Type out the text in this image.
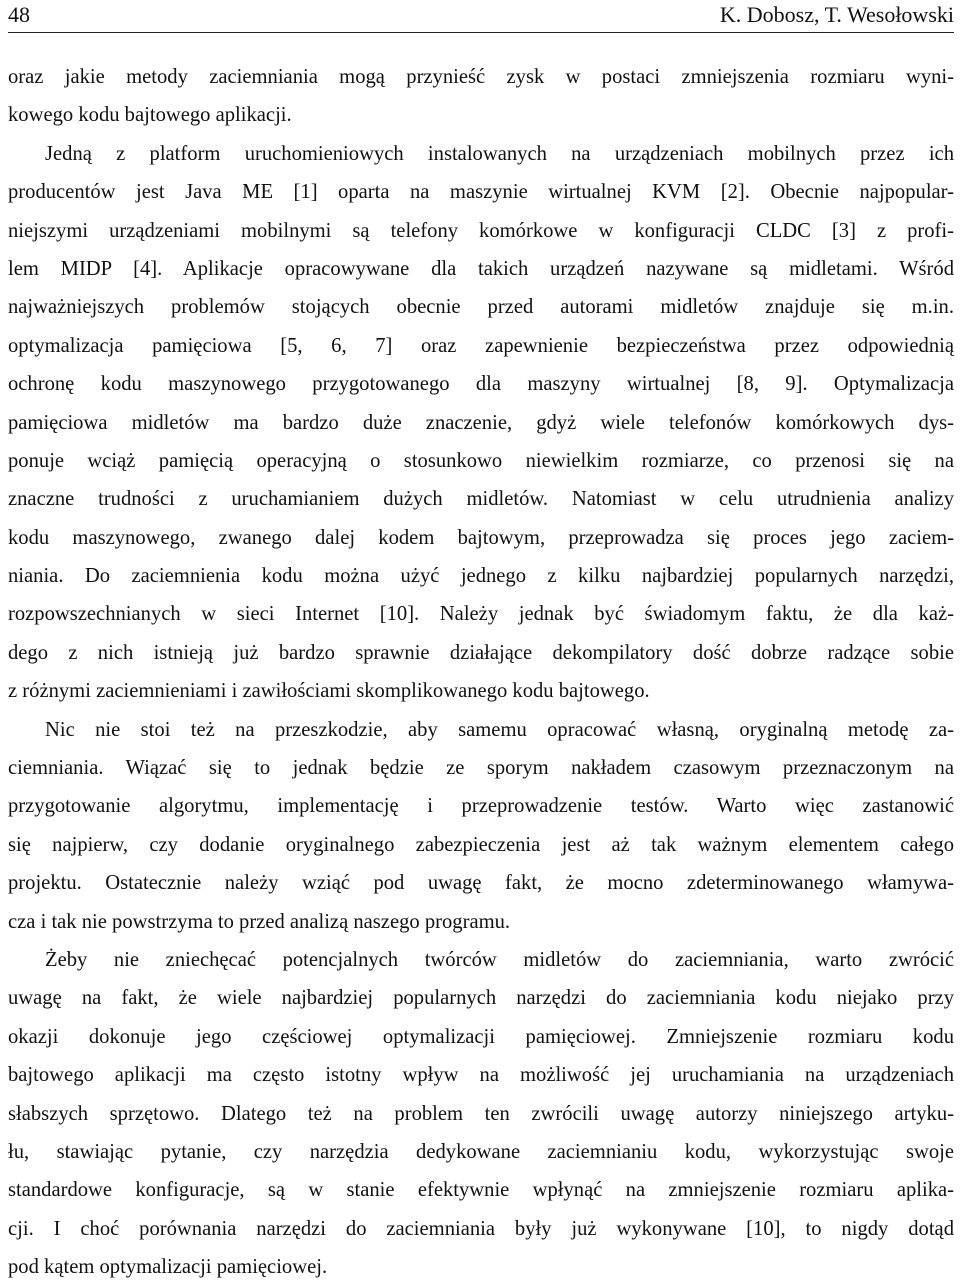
48	K. Dobosz, T. Wesołowski
oraz jakie metody zaciemniania mogą przynieść zysk w postaci zmniejszenia rozmiaru wyni-
kowego kodu bajtowego aplikacji.
Jedną z platform uruchomieniowych instalowanych na urządzeniach mobilnych przez ich
producentów jest Java ME [1] oparta na maszynie wirtualnej KVM [2]. Obecnie najpopular-
niejszymi urządzeniami mobilnymi są telefony komórkowe w konfiguracji CLDC [3] z profi-
lem MIDP [4]. Aplikacje opracowywane dla takich urządzeń nazywane są midletami. Wśród
najważniejszych problemów stojących obecnie przed autorami midletów znajduje się m.in.
optymalizacja pamięciowa [5, 6, 7] oraz zapewnienie bezpieczeństwa przez odpowiednią
ochronę kodu maszynowego przygotowanego dla maszyny wirtualnej [8, 9]. Optymalizacja
pamięciowa midletów ma bardzo duże znaczenie, gdyż wiele telefonów komórkowych dys-
ponuje wciąż pamięcią operacyjną o stosunkowo niewielkim rozmiarze, co przenosi się na
znaczne trudności z uruchamianiem dużych midletów. Natomiast w celu utrudnienia analizy
kodu maszynowego, zwanego dalej kodem bajtowym, przeprowadza się proces jego zaciem-
niania. Do zaciemnienia kodu można użyć jednego z kilku najbardziej popularnych narzędzi,
rozpowszechnianych w sieci Internet [10]. Należy jednak być świadomym faktu, że dla każ-
dego z nich istnieją już bardzo sprawnie działające dekompilatory dość dobrze radzące sobie
z różnymi zaciemnieniami i zawiłościami skomplikowanego kodu bajtowego.
Nic nie stoi też na przeszkodzie, aby samemu opracować własną, oryginalną metodę za-
ciemniania. Wiązać się to jednak będzie ze sporym nakładem czasowym przeznaczonym na
przygotowanie algorytmu, implementację i przeprowadzenie testów. Warto więc zastanowić
się najpierw, czy dodanie oryginalnego zabezpieczenia jest aż tak ważnym elementem całego
projektu. Ostatecznie należy wziąć pod uwagę fakt, że mocno zdeterminowanego włamywa-
cza i tak nie powstrzyma to przed analizą naszego programu.
Żeby nie zniechęcać potencjalnych twórców midletów do zaciemniania, warto zwrócić
uwagę na fakt, że wiele najbardziej popularnych narzędzi do zaciemniania kodu niejako przy
okazji dokonuje jego częściowej optymalizacji pamięciowej. Zmniejszenie rozmiaru kodu
bajtowego aplikacji ma często istotny wpływ na możliwość jej uruchamiania na urządzeniach
słabszych sprzętowo. Dlatego też na problem ten zwrócili uwagę autorzy niniejszego artyku-
łu, stawiając pytanie, czy narzędzia dedykowane zaciemnianiu kodu, wykorzystując swoje
standardowe konfiguracje, są w stanie efektywnie wpłynąć na zmniejszenie rozmiaru aplika-
cji. I choć porównania narzędzi do zaciemniania były już wykonywane [10], to nigdy dotąd
pod kątem optymalizacji pamięciowej.
